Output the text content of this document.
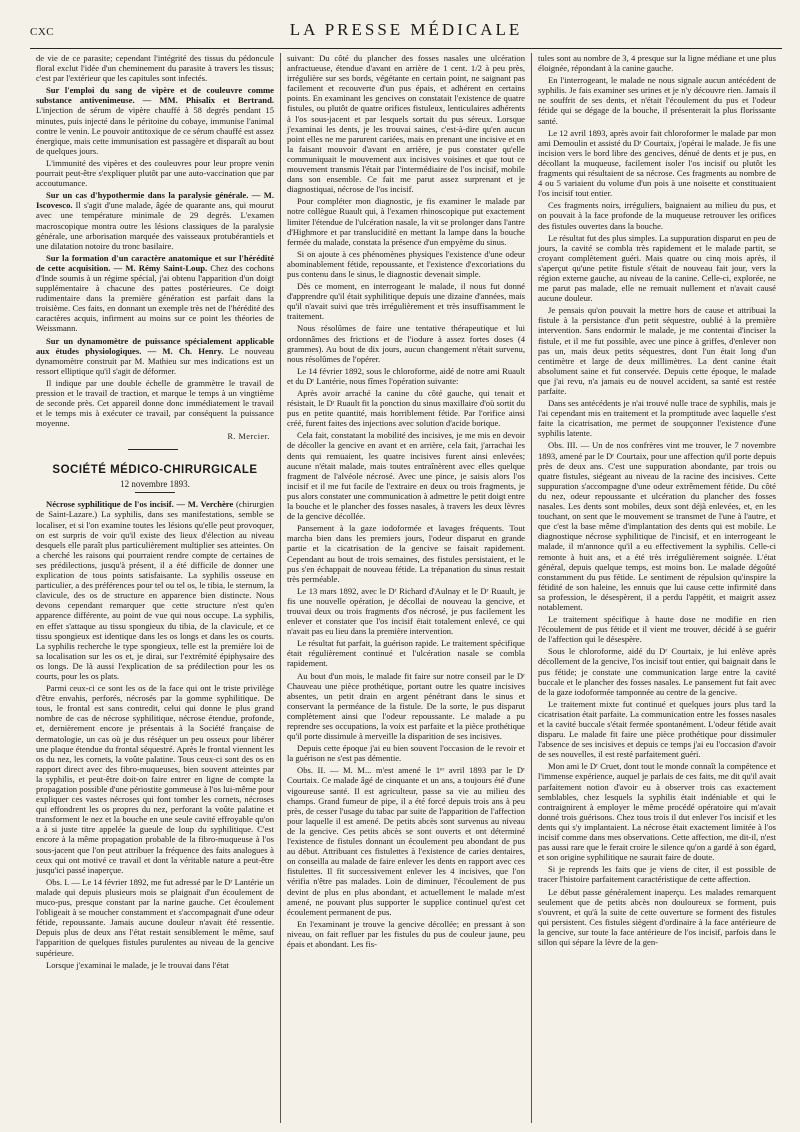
CXC	LA PRESSE MÉDICALE

de vie de ce parasite; cependant l'intégrité des tissus du pédoncule floral exclut l'idée d'un cheminement du parasite à travers les tissus; c'est par l'extérieur que les capitules sont infectés.

Sur l'emploi du sang de vipère et de couleuvre comme substance antivenimeuse. — MM. Phisalix et Bertrand. L'injection de sérum de vipère chauffé à 58 degrés pendant 15 minutes, puis injecté dans le péritoine du cobaye, immunise l'animal contre le venin. Le pouvoir antitoxique de ce sérum chauffé est assez énergique, mais cette immunisation est passagère et disparaît au bout de quelques jours.

L'immunité des vipères et des couleuvres pour leur propre venin pourrait peut-être s'expliquer plutôt par une auto-vaccination que par accoutumance.

Sur un cas d'hypothermie dans la paralysie générale. — M. Iscovesco. Il s'agit d'une malade, âgée de quarante ans, qui mourut avec une température minimale de 29 degrés. L'examen macroscopique montra outre les lésions classiques de la paralysie générale, une arborisation marquée des vaisseaux protubérantiels et une dilatation notoire du tronc basilaire.

Sur la formation d'un caractère anatomique et sur l'hérédité de cette acquisition. — M. Rémy Saint-Loup. Chez des cochons d'Inde soumis à un régime spécial, j'ai obtenu l'apparition d'un doigt supplémentaire à chacune des pattes postérieures. Ce doigt rudimentaire dans la première génération est parfait dans la troisième. Ces faits, en donnant un exemple très net de l'hérédité des caractères acquis, infirment au moins sur ce point les théories de Weissmann.

Sur un dynamomètre de puissance spécialement applicable aux études physiologiques. — M. Ch. Henry. Le nouveau dynamomètre construit par M. Mathieu sur mes indications est un ressort elliptique qu'il s'agit de déformer.

Il indique par une double échelle de grammètre le travail de pression et le travail de traction, et marque le temps à un vingtième de seconde près. Cet appareil donne donc immédiatement le travail et le temps mis à exécuter ce travail, par conséquent la puissance moyenne.

R. Mercier.
SOCIÉTÉ MÉDICO-CHIRURGICALE
12 novembre 1893.

Nécrose syphilitique de l'os incisif. — M. Verchère (chirurgien de Saint-Lazare.) La syphilis, dans ses manifestations, semble se localiser, et si l'on examine toutes les lésions qu'elle peut provoquer, on est surpris de voir qu'il existe des lieux d'élection au niveau desquels elle paraît plus particulièrement multiplier ses atteintes. On a cherché les raisons qui pourraient rendre compte de certaines de ses prédilections, jusqu'à présent, il a été difficile de donner une explication de tous points satisfaisante. La syphilis osseuse en particulier, a des préférences pour tel ou tel os, le tibia, le sternum, la clavicule, des os de structure en apparence bien distincte. Nous devons cependant remarquer que cette structure n'est qu'en apparence différente, au point de vue qui nous occupe. La syphilis, en effet s'attaque au tissu spongieux du tibia, de la clavicule, et ce tissu spongieux est identique dans les os longs et dans les os courts. La syphilis recherche le type spongieux, telle est la première loi de sa localisation sur les os et, je dirai, sur l'extrémité épiphysaire des os longs. De là aussi l'explication de sa prédilection pour les os courts, pour les os plats.

Parmi ceux-ci ce sont les os de la face qui ont le triste privilège d'être envahis, perforés, nécrosés par la gomme syphilitique. De tous, le frontal est sans contredit, celui qui donne le plus grand nombre de cas de nécrose syphilitique, nécrose étendue, profonde, et, dernièrement encore je présentais à la Société française de dermatologie, un cas où je dus réséquer un peu osseux pour libérer une plaque étendue du frontal séquestré. Après le frontal viennent les os du nez, les cornets, la voûte palatine. Tous ceux-ci sont des os en rapport direct avec des fibro-muqueuses, bien souvent atteintes par la syphilis, et peut-être doit-on faire entrer en ligne de compte la propagation possible d'une périostite gommeuse à l'os lui-même pour expliquer ces vastes nécroses qui font tomber les cornets, nécroses qui effondrent les os propres du nez, perforant la voûte palatine et transforment le nez et la bouche en une seule cavité effroyable qu'on a à si juste titre appelée la gueule de loup du syphilitique. C'est encore à la même propagation probable de la fibro-muqueuse à l'os sous-jacent que l'on peut attribuer la fréquence des faits analogues à ceux qui ont motivé ce travail et dont la véritable nature a peut-être jusqu'ici passé inaperçue.

Obs. I. — Le 14 février 1892, me fut adressé par le Dʳ Lantérie un malade qui depuis plusieurs mois se plaignait d'un écoulement de muco-pus, presque constant par la narine gauche. Cet écoulement l'obligeait à se moucher constamment et s'accompagnait d'une odeur fétide, repoussante. Jamais aucune douleur n'avait été ressentie. Depuis plus de deux ans l'état restait sensiblement le même, sauf l'apparition de quelques fistules purulentes au niveau de la gencive supérieure.

Lorsque j'examinai le malade, je le trouvai dans l'état

suivant: Du côté du plancher des fosses nasales une ulcération anfractueuse, étendue d'avant en arrière de 1 cent. 1/2 à peu près, irrégulière sur ses bords, végétante en certain point, ne saignant pas facilement et recouverte d'un pus épais, et adhérent en certains points. En examinant les gencives on constatait l'existence de quatre fistules, ou plutôt de quatre orifices fistuleux, lenticulaires adhérents à l'os sous-jacent et par lesquels sortait du pus séreux. Lorsque j'examinai les dents, je les trouvai saines, c'est-à-dire qu'en aucun point elles ne me parurent cariées, mais en prenant une incisive et en la faisant mouvoir d'avant en arrière, je pus constater qu'elle communiquait le mouvement aux incisives voisines et que tout ce mouvement transmis l'était par l'intermédiaire de l'os incisif, mobile dans son ensemble. Ce fait me parut assez surprenant et je diagnostiquai, nécrose de l'os incisif.

Pour compléter mon diagnostic, je fis examiner le malade par notre collègue Ruault qui, à l'examen rhinoscopique put exactement limiter l'étendue de l'ulcération nasale, la vit se prolonger dans l'antre d'Highmore et par translucidité en mettant la lampe dans la bouche fermée du malade, constata la présence d'un empyème du sinus.

Si on ajoute à ces phénomènes physiques l'existence d'une odeur abominablement fétide, repoussante, et l'existence d'excoriations du pus contenu dans le sinus, le diagnostic devenait simple.

Dès ce moment, en interrogeant le malade, il nous fut donné d'apprendre qu'il était syphilitique depuis une dizaine d'années, mais qu'il n'avait suivi que très irrégulièrement et très insuffisamment le traitement.

Nous résolûmes de faire une tentative thérapeutique et lui ordonnâmes des frictions et de l'iodure à assez fortes doses (4 grammes). Au bout de dix jours, aucun changement n'était survenu, nous résolûmes de l'opérer.

Le 14 février 1892, sous le chloroforme, aidé de notre ami Ruault et du Dʳ Lantérie, nous fîmes l'opération suivante:

Après avoir arraché la canine du côté gauche, qui tenait et résistait, le Dʳ Ruault fit la ponction du sinus maxillaire d'où sortit du pus en petite quantité, mais horriblement fétide. Par l'orifice ainsi créé, furent faites des injections avec solution d'acide borique.

Cela fait, constatant la mobilité des incisives, je me mis en devoir de décoller la gencive en avant et en arrière, cela fait, j'arrachai les dents qui remuaient, les quatre incisives furent ainsi enlevées; aucune n'était malade, mais toutes entraînèrent avec elles quelque fragment de l'alvéole nécrosé. Avec une pince, je saisis alors l'os incisif et il me fut facile de l'extraire en deux ou trois fragments, je pus alors constater une communication à admettre le petit doigt entre la bouche et le plancher des fosses nasales, à travers les deux lèvres de la gencive décollée.

Pansement à la gaze iodoformée et lavages fréquents. Tout marcha bien dans les premiers jours, l'odeur disparut en grande partie et la cicatrisation de la gencive se faisait rapidement. Cependant au bout de trois semaines, des fistules persistaient, et le pus s'en échappait de nouveau fétide. La trépanation du sinus restait très perméable.

Le 13 mars 1892, avec le Dʳ Richard d'Aulnay et le Dʳ Ruault, je fis une nouvelle opération, je décollai de nouveau la gencive, et trouvai deux ou trois fragments d'os nécrosé, je pus facilement les enlever et constater que l'os incisif était totalement enlevé, ce qui n'avait pas eu lieu dans la première intervention.

Le résultat fut parfait, la guérison rapide. Le traitement spécifique était régulièrement continué et l'ulcération nasale se combla rapidement.

Au bout d'un mois, le malade fit faire sur notre conseil par le Dʳ Chauveau une pièce prothétique, portant outre les quatre incisives absentes, un petit drain en argent pénétrant dans le sinus et conservant la perméance de la fistule. De la sorte, le pus disparut complètement ainsi que l'odeur repoussante. Le malade a pu reprendre ses occupations, la voix est parfaite et la pièce prothétique qu'il porte dissimule à merveille la disparition de ses incisives.

Depuis cette époque j'ai eu bien souvent l'occasion de le revoir et la guérison ne s'est pas démentie.

Obs. II. — M. M... m'est amené le 1ᵉʳ avril 1893 par le Dʳ Courtaix. Ce malade âgé de cinquante et un ans, a toujours été d'une vigoureuse santé. Il est agriculteur, passe sa vie au milieu des champs. Grand fumeur de pipe, il a été forcé depuis trois ans à peu près, de cesser l'usage du tabac par suite de l'apparition de l'affection pour laquelle il est amené. De petits abcès sont survenus au niveau de la gencive. Ces petits abcès se sont ouverts et ont déterminé l'existence de fistules donnant un écoulement peu abondant de pus au début. Attribuant ces fistulettes à l'existence de caries dentaires, on conseilla au malade de faire enlever les dents en rapport avec ces fistulettes. Il fit successivement enlever les 4 incisives, que l'on vérifia n'être pas malades. Loin de diminuer, l'écoulement de pus devint de plus en plus abondant, et actuellement le malade m'est amené, ne pouvant plus supporter le supplice continuel qu'est cet écoulement permanent de pus.

En l'examinant je trouve la gencive décollée; en pressant à son niveau, on fait refluer par les fistules du pus de couleur jaune, peu épais et abondant. Les fis-

tules sont au nombre de 3, 4 presque sur la ligne médiane et une plus éloignée, répondant à la canine gauche.

En l'interrogeant, le malade ne nous signale aucun antécédent de syphilis. Je fais examiner ses urines et je n'y découvre rien. Jamais il ne souffrit de ses dents, et n'était l'écoulement du pus et l'odeur fétide qui se dégage de la bouche, il présenterait la plus florissante santé.

Le 12 avril 1893, après avoir fait chloroformer le malade par mon ami Demoulin et assisté du Dʳ Courtaix, j'opérai le malade. Je fis une incision vers le bord libre des gencives, dénué de dents et je pus, en décollant la muqueuse, facilement isoler l'os incisif ou plutôt les fragments qui résultaient de sa nécrose. Ces fragments au nombre de 4 ou 5 variaient du volume d'un pois à une noisette et constituaient l'os incisif tout entier.

Ces fragments noirs, irréguliers, baignaient au milieu du pus, et on pouvait à la face profonde de la muqueuse retrouver les orifices des fistules ouvertes dans la bouche.

Le résultat fut des plus simples. La suppuration disparut en peu de jours, la cavité se combla très rapidement et le malade partit, se croyant complètement guéri. Mais quatre ou cinq mois après, il s'aperçut qu'une petite fistule s'était de nouveau fait jour, vers la région externe gauche, au niveau de la canine. Celle-ci, explorée, ne me parut pas malade, elle ne remuait nullement et n'avait causé aucune douleur.

Je pensais qu'on pouvait la mettre hors de cause et attribuai la fistule à la persistance d'un petit séquestre, oublié à la première intervention. Sans endormir le malade, je me contentai d'inciser la fistule, et il me fut possible, avec une pince à griffes, d'enlever non pas un, mais deux petits séquestres, dont l'un était long d'un centimètre et large de deux millimètres. La dent canine était absolument saine et fut conservée. Depuis cette époque, le malade que j'ai revu, n'a jamais eu de nouvel accident, sa santé est restée parfaite.

Dans ses antécédents je n'ai trouvé nulle trace de syphilis, mais je l'ai cependant mis en traitement et la promptitude avec laquelle s'est faite la cicatrisation, me permet de soupçonner l'existence d'une syphilis latente.

Obs. III. — Un de nos confrères vint me trouver, le 7 novembre 1893, amené par le Dʳ Courtaix, pour une affection qu'il porte depuis près de deux ans. C'est une suppuration abondante, par trois ou quatre fistules, siégeant au niveau de la racine des incisives. Cette suppuration s'accompagne d'une odeur extrêmement fétide. Du côté du nez, odeur repoussante et ulcération du plancher des fosses nasales. Les dents sont mobiles, deux sont déjà enlevées, et, en les touchant, on sent que le mouvement se transmet de l'une à l'autre, et que c'est la base même d'implantation des dents qui est mobile. Le diagnostique nécrose syphilitique de l'incisif, et en interrogeant le malade, il m'annonce qu'il a eu effectivement la syphilis. Celle-ci remonte à huit ans, et a été très irrégulièrement soignée. L'état général, depuis quelque temps, est moins bon. Le malade dégoûté constamment du pus fétide. Le sentiment de répulsion qu'inspire la fétidité de son haleine, les ennuis que lui cause cette infirmité dans sa profession, le désespèrent, il a perdu l'appétit, et maigrit assez notablement.

Le traitement spécifique à haute dose ne modifie en rien l'écoulement de pus fétide et il vient me trouver, décidé à se guérir de l'affection qui le désespère.

Sous le chloroforme, aidé du Dʳ Courtaix, je lui enlève après décollement de la gencive, l'os incisif tout entier, qui baignait dans le pus fétide; je constate une communication large entre la cavité buccale et le plancher des fosses nasales. Le pansement fut fait avec de la gaze iodoformée tamponnée au centre de la gencive.

Le traitement mixte fut continué et quelques jours plus tard la cicatrisation était parfaite. La communication entre les fosses nasales et la cavité buccale s'était fermée spontanément. L'odeur fétide avait disparu. Le malade fit faire une pièce prothétique pour dissimuler l'absence de ses incisives et depuis ce temps j'ai eu l'occasion d'avoir de ses nouvelles, il est resté parfaitement guéri.

Mon ami le Dʳ Cruet, dont tout le monde connaît la compétence et l'immense expérience, auquel je parlais de ces faits, me dit qu'il avait parfaitement notion d'avoir eu à observer trois cas exactement semblables, chez lesquels la syphilis était indéniable et qui le contraignirent à employer le même procédé opératoire qui m'avait donné trois guérisons. Chez tous trois il dut enlever l'os incisif et les dents qui s'y implantaient. La nécrose était exactement limitée à l'os incisif comme dans mes observations. Cette affection, me dit-il, n'est pas aussi rare que le ferait croire le silence qu'on a gardé à son égard, et son origine syphilitique ne saurait faire de doute.

Si je reprends les faits que je viens de citer, il est possible de tracer l'histoire parfaitement caractéristique de cette affection.

Le début passe généralement inaperçu. Les malades remarquent seulement que de petits abcès non douloureux se forment, puis s'ouvrent, et qu'à la suite de cette ouverture se forment des fistules qui persistent. Ces fistules siègent d'ordinaire à la face antérieure de la gencive, sur toute la face antérieure de l'os incisif, parfois dans le sillon qui sépare la lèvre de la gen-
